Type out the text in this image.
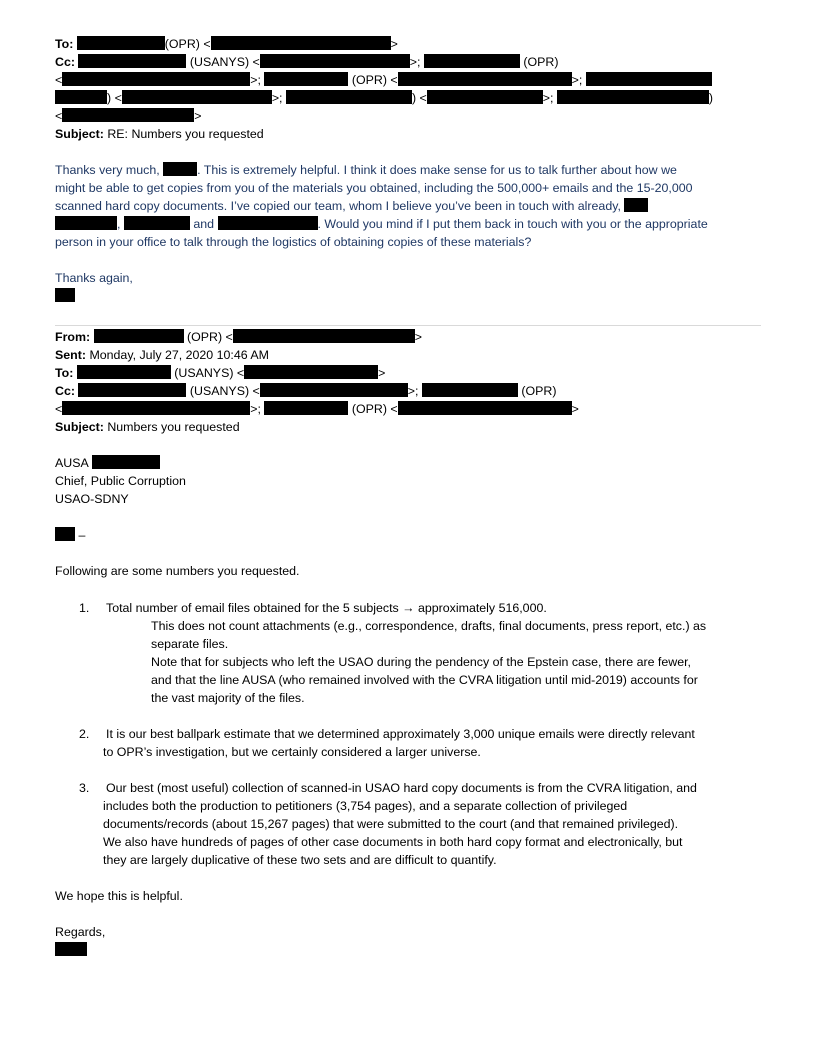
To:	(OPR) <	>
Cc:	(USANYS) <	>;	(OPR)
<	>;	(OPR) <	>;
) <	>;	) <	>;	)
<	>
Subject: RE: Numbers you requested
Thanks very much,	. This is extremely helpful. I think it does make sense for us to talk further about how we
might be able to get copies from you of the materials you obtained, including the 500,000+ emails and the 15-20,000
scanned hard copy documents. I’ve copied our team, whom I believe you’ve been in touch with already,
,	and	. Would you mind if I put them back in touch with you or the appropriate
person in your office to talk through the logistics of obtaining copies of these materials?
Thanks again,
From:	(OPR) <	>
Sent: Monday, July 27, 2020 10:46 AM
To:	(USANYS) <	>
Cc:	(USANYS) <	>;	(OPR)
<	>;	(OPR) <	>
Subject: Numbers you requested
AUSA
Chief, Public Corruption
USAO-SDNY
–
Following are some numbers you requested.
1. Total number of email files obtained for the 5 subjects → approximately 516,000.
This does not count attachments (e.g., correspondence, drafts, final documents, press report, etc.) as
separate files.
Note that for subjects who left the USAO during the pendency of the Epstein case, there are fewer,
and that the line AUSA (who remained involved with the CVRA litigation until mid-2019) accounts for
the vast majority of the files.
2. It is our best ballpark estimate that we determined approximately 3,000 unique emails were directly relevant
to OPR’s investigation, but we certainly considered a larger universe.
3. Our best (most useful) collection of scanned-in USAO hard copy documents is from the CVRA litigation, and
includes both the production to petitioners (3,754 pages), and a separate collection of privileged
documents/records (about 15,267 pages) that were submitted to the court (and that remained privileged).
We also have hundreds of pages of other case documents in both hard copy format and electronically, but
they are largely duplicative of these two sets and are difficult to quantify.
We hope this is helpful.
Regards,
